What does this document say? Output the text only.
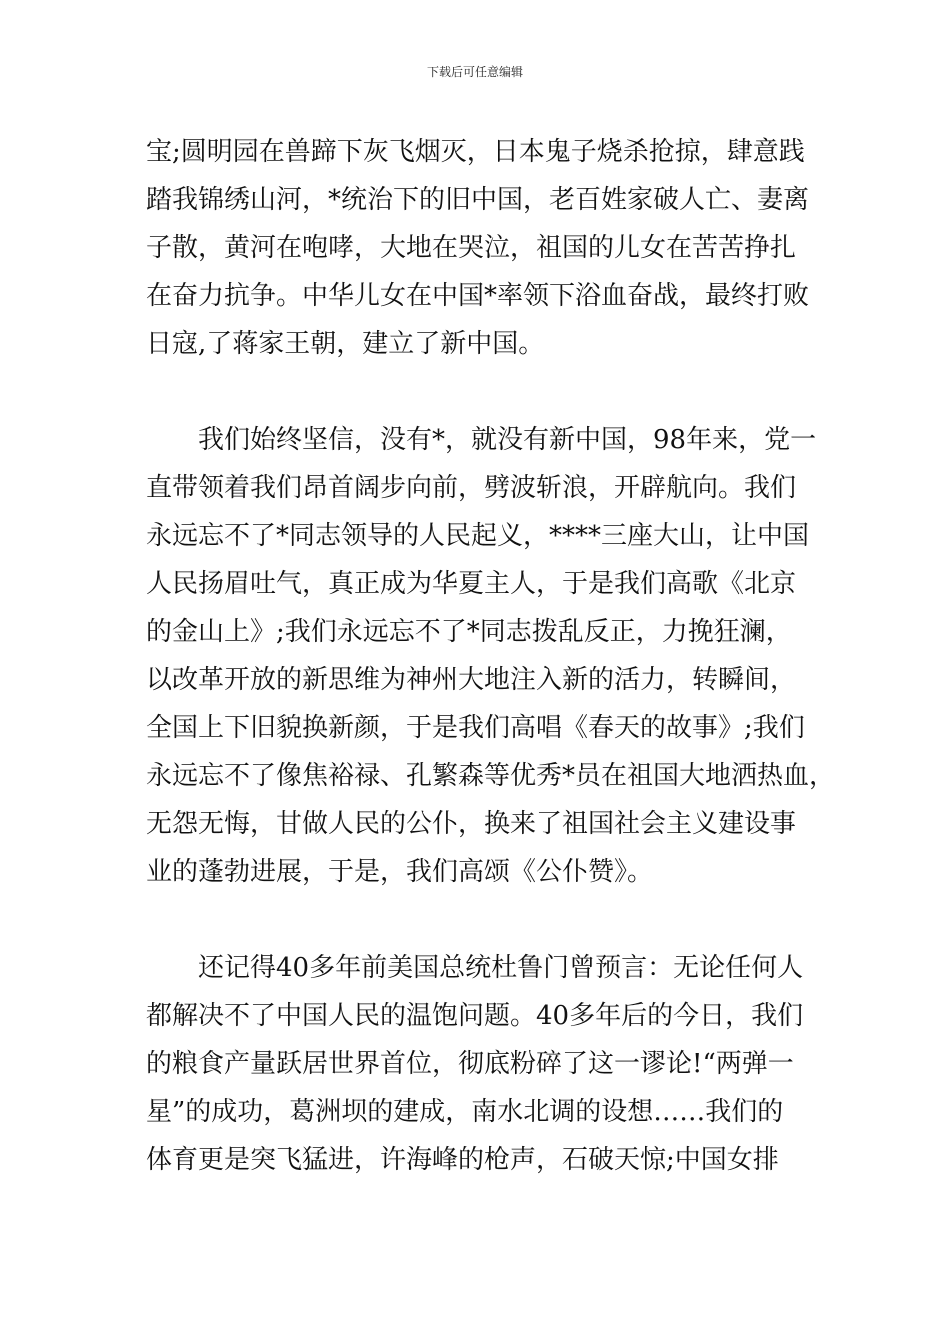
下载后可任意编辑
宝;圆明园在兽蹄下灰飞烟灭，日本鬼子烧杀抢掠，肆意践
踏我锦绣山河，*统治下的旧中国，老百姓家破人亡、妻离
子散，黄河在咆哮，大地在哭泣，祖国的儿女在苦苦挣扎
在奋力抗争。中华儿女在中国*率领下浴血奋战，最终打败
日寇,了蒋家王朝，建立了新中国。
　　我们始终坚信，没有*，就没有新中国，98年来，党一
直带领着我们昂首阔步向前，劈波斩浪，开辟航向。我们
永远忘不了*同志领导的人民起义，****三座大山，让中国
人民扬眉吐气，真正成为华夏主人，于是我们高歌《北京
的金山上》;我们永远忘不了*同志拨乱反正，力挽狂澜，
以改革开放的新思维为神州大地注入新的活力，转瞬间，
全国上下旧貌换新颜，于是我们高唱《春天的故事》;我们
永远忘不了像焦裕禄、孔繁森等优秀*员在祖国大地洒热血，
无怨无悔，甘做人民的公仆，换来了祖国社会主义建设事
业的蓬勃进展，于是，我们高颂《公仆赞》。
　　还记得40多年前美国总统杜鲁门曾预言：无论任何人
都解决不了中国人民的温饱问题。40多年后的今日，我们
的粮食产量跃居世界首位，彻底粉碎了这一谬论!“两弹一
星”的成功，葛洲坝的建成，南水北调的设想……我们的
体育更是突飞猛进，许海峰的枪声，石破天惊;中国女排
